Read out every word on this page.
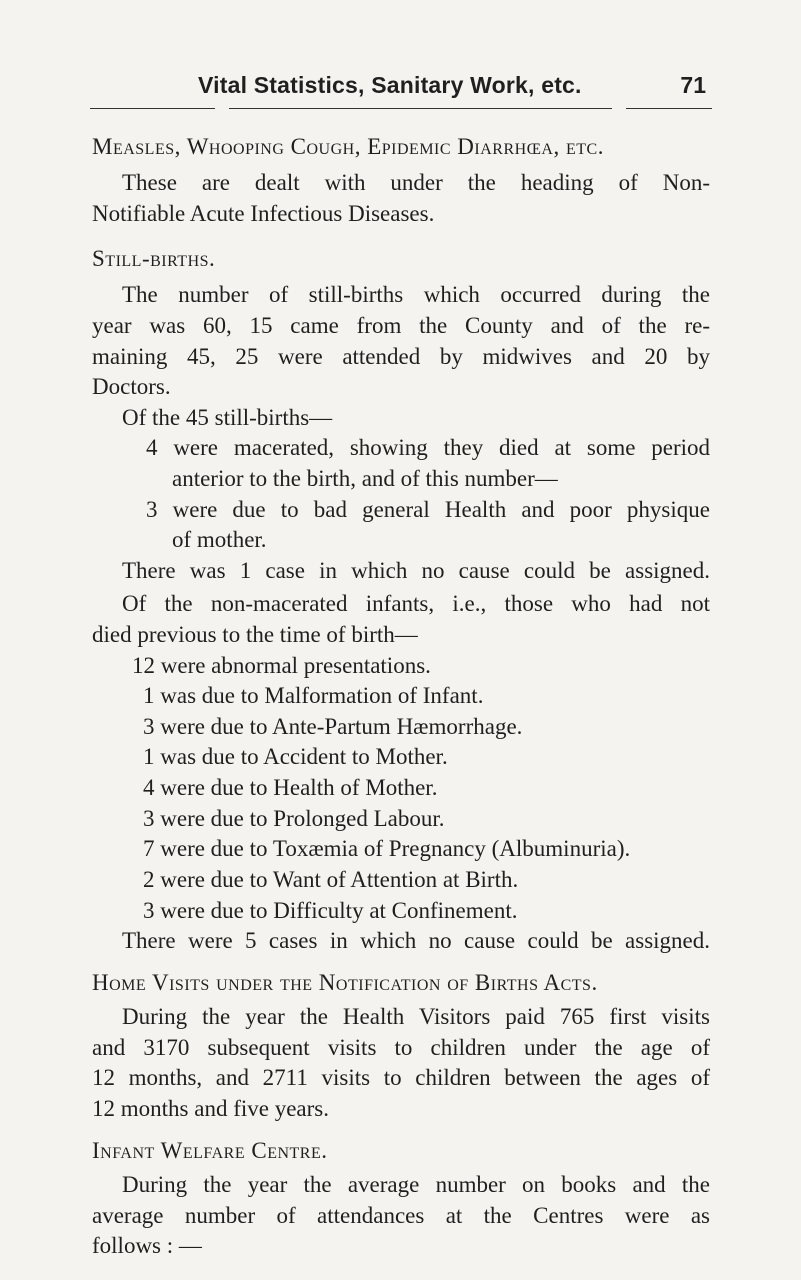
Vital Statistics, Sanitary Work, etc.	71
Measles, Whooping Cough, Epidemic Diarrhœa, etc.
These are dealt with under the heading of Non-
Notifiable Acute Infectious Diseases.
Still-births.
The number of still-births which occurred during the
year was 60, 15 came from the County and of the re-
maining 45, 25 were attended by midwives and 20 by
Doctors.
Of the 45 still-births—
4 were macerated, showing they died at some period
anterior to the birth, and of this number—
3 were due to bad general Health and poor physique
of mother.
There was 1 case in which no cause could be assigned.
Of the non-macerated infants, i.e., those who had not
died previous to the time of birth—
12 were abnormal presentations.
1 was due to Malformation of Infant.
3 were due to Ante-Partum Hæmorrhage.
1 was due to Accident to Mother.
4 were due to Health of Mother.
3 were due to Prolonged Labour.
7 were due to Toxæmia of Pregnancy (Albuminuria).
2 were due to Want of Attention at Birth.
3 were due to Difficulty at Confinement.
There were 5 cases in which no cause could be assigned.
Home Visits under the Notification of Births Acts.
During the year the Health Visitors paid 765 first visits
and 3170 subsequent visits to children under the age of
12 months, and 2711 visits to children between the ages of
12 months and five years.
Infant Welfare Centre.
During the year the average number on books and the
average number of attendances at the Centres were as
follows : —
